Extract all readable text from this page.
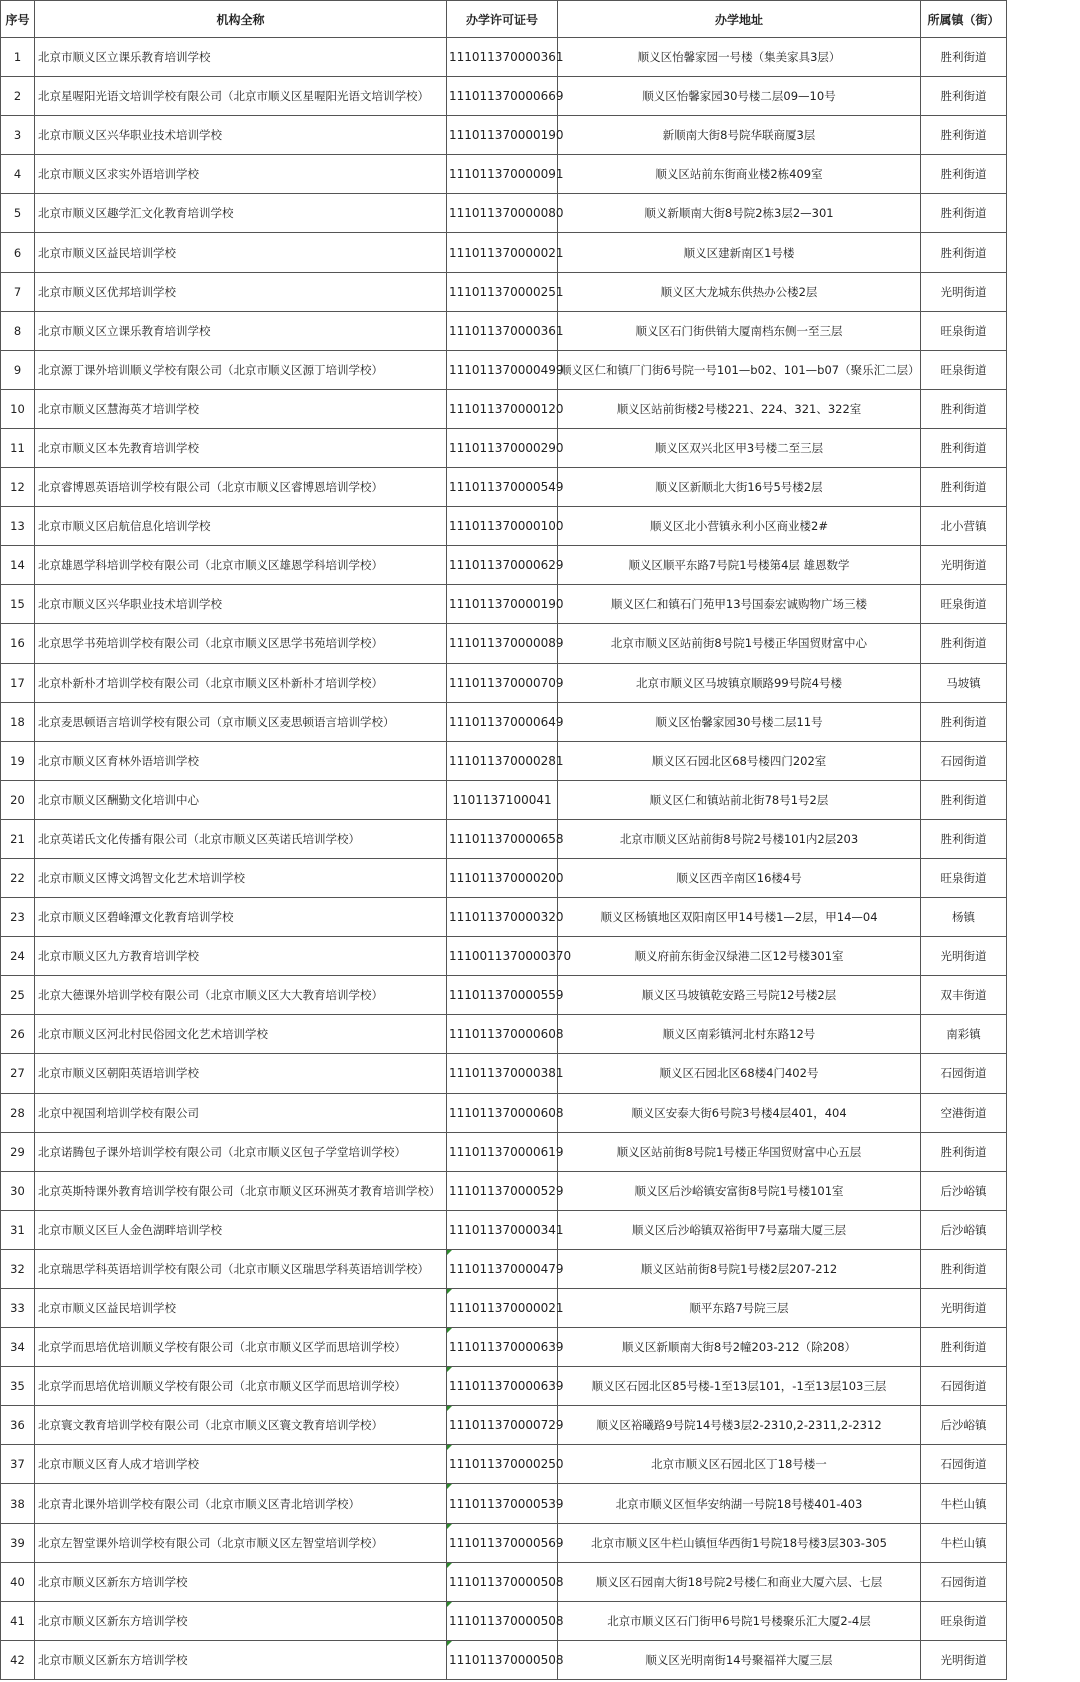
序号	机构全称	办学许可证号	办学地址	所属镇（街）
1	北京市顺义区立课乐教育培训学校	111011370000361	顺义区怡馨家园一号楼（集美家具3层）	胜利街道
2	北京星喔阳光语文培训学校有限公司（北京市顺义区星喔阳光语文培训学校）	111011370000669	顺义区怡馨家园30号楼二层09—10号	胜利街道
3	北京市顺义区兴华职业技术培训学校	111011370000190	新顺南大街8号院华联商厦3层	胜利街道
4	北京市顺义区求实外语培训学校	111011370000091	顺义区站前东街商业楼2栋409室	胜利街道
5	北京市顺义区趣学汇文化教育培训学校	111011370000080	顺义新顺南大街8号院2栋3层2—301	胜利街道
6	北京市顺义区益民培训学校	111011370000021	顺义区建新南区1号楼	胜利街道
7	北京市顺义区优邦培训学校	111011370000251	顺义区大龙城东供热办公楼2层	光明街道
8	北京市顺义区立课乐教育培训学校	111011370000361	顺义区石门街供销大厦南档东侧一至三层	旺泉街道
9	北京源丁课外培训顺义学校有限公司（北京市顺义区源丁培训学校）	111011370000499	顺义区仁和镇厂门街6号院一号101—b02、101—b07（聚乐汇二层）	旺泉街道
10	北京市顺义区慧海英才培训学校	111011370000120	顺义区站前街楼2号楼221、224、321、322室	胜利街道
11	北京市顺义区本先教育培训学校	111011370000290	顺义区双兴北区甲3号楼二至三层	胜利街道
12	北京睿博恩英语培训学校有限公司（北京市顺义区睿博恩培训学校）	111011370000549	顺义区新顺北大街16号5号楼2层	胜利街道
13	北京市顺义区启航信息化培训学校	111011370000100	顺义区北小营镇永利小区商业楼2#	北小营镇
14	北京雄恩学科培训学校有限公司（北京市顺义区雄恩学科培训学校）	111011370000629	顺义区顺平东路7号院1号楼第4层 雄恩数学	光明街道
15	北京市顺义区兴华职业技术培训学校	111011370000190	顺义区仁和镇石门苑甲13号国泰宏诚购物广场三楼	旺泉街道
16	北京思学书苑培训学校有限公司（北京市顺义区思学书苑培训学校）	111011370000089	北京市顺义区站前街8号院1号楼正华国贸财富中心	胜利街道
17	北京朴新朴才培训学校有限公司（北京市顺义区朴新朴才培训学校）	111011370000709	北京市顺义区马坡镇京顺路99号院4号楼	马坡镇
18	北京麦思顿语言培训学校有限公司（京市顺义区麦思顿语言培训学校）	111011370000649	顺义区怡馨家园30号楼二层11号	胜利街道
19	北京市顺义区育林外语培训学校	111011370000281	顺义区石园北区68号楼四门202室	石园街道
20	北京市顺义区酬勤文化培训中心	1101137100041	顺义区仁和镇站前北街78号1号2层	胜利街道
21	北京英诺氏文化传播有限公司（北京市顺义区英诺氏培训学校）	111011370000658	北京市顺义区站前街8号院2号楼101内2层203	胜利街道
22	北京市顺义区博文鸿智文化艺术培训学校	111011370000200	顺义区西辛南区16楼4号	旺泉街道
23	北京市顺义区碧峰潭文化教育培训学校	111011370000320	顺义区杨镇地区双阳南区甲14号楼1—2层，甲14—04	杨镇
24	北京市顺义区九方教育培训学校	1110011370000370	顺义府前东街金汉绿港二区12号楼301室	光明街道
25	北京大德课外培训学校有限公司（北京市顺义区大大教育培训学校）	111011370000559	顺义区马坡镇乾安路三号院12号楼2层	双丰街道
26	北京市顺义区河北村民俗园文化艺术培训学校	111011370000608	顺义区南彩镇河北村东路12号	南彩镇
27	北京市顺义区朝阳英语培训学校	111011370000381	顺义区石园北区68楼4门402号	石园街道
28	北京中视国利培训学校有限公司	111011370000608	顺义区安泰大街6号院3号楼4层401，404	空港街道
29	北京诺腾包子课外培训学校有限公司（北京市顺义区包子学堂培训学校）	111011370000619	顺义区站前街8号院1号楼正华国贸财富中心五层	胜利街道
30	北京英斯特课外教育培训学校有限公司（北京市顺义区环洲英才教育培训学校）	111011370000529	顺义区后沙峪镇安富街8号院1号楼101室	后沙峪镇
31	北京市顺义区巨人金色湖畔培训学校	111011370000341	顺义区后沙峪镇双裕街甲7号嘉瑞大厦三层	后沙峪镇
32	北京瑞思学科英语培训学校有限公司（北京市顺义区瑞思学科英语培训学校）	111011370000479	顺义区站前街8号院1号楼2层207-212	胜利街道
33	北京市顺义区益民培训学校	111011370000021	顺平东路7号院三层	光明街道
34	北京学而思培优培训顺义学校有限公司（北京市顺义区学而思培训学校）	111011370000639	顺义区新顺南大街8号2幢203-212（除208）	胜利街道
35	北京学而思培优培训顺义学校有限公司（北京市顺义区学而思培训学校）	111011370000639	顺义区石园北区85号楼-1至13层101，-1至13层103三层	石园街道
36	北京寰文教育培训学校有限公司（北京市顺义区寰文教育培训学校）	111011370000729	顺义区裕曦路9号院14号楼3层2-2310,2-2311,2-2312	后沙峪镇
37	北京市顺义区育人成才培训学校	111011370000250	北京市顺义区石园北区丁18号楼一	石园街道
38	北京青北课外培训学校有限公司（北京市顺义区青北培训学校）	111011370000539	北京市顺义区恒华安纳湖一号院18号楼401-403	牛栏山镇
39	北京左智堂课外培训学校有限公司（北京市顺义区左智堂培训学校）	111011370000569	北京市顺义区牛栏山镇恒华西街1号院18号楼3层303-305	牛栏山镇
40	北京市顺义区新东方培训学校	111011370000508	顺义区石园南大街18号院2号楼仁和商业大厦六层、七层	石园街道
41	北京市顺义区新东方培训学校	111011370000508	北京市顺义区石门街甲6号院1号楼聚乐汇大厦2-4层	旺泉街道
42	北京市顺义区新东方培训学校	111011370000508	顺义区光明南街14号聚福祥大厦三层	光明街道
